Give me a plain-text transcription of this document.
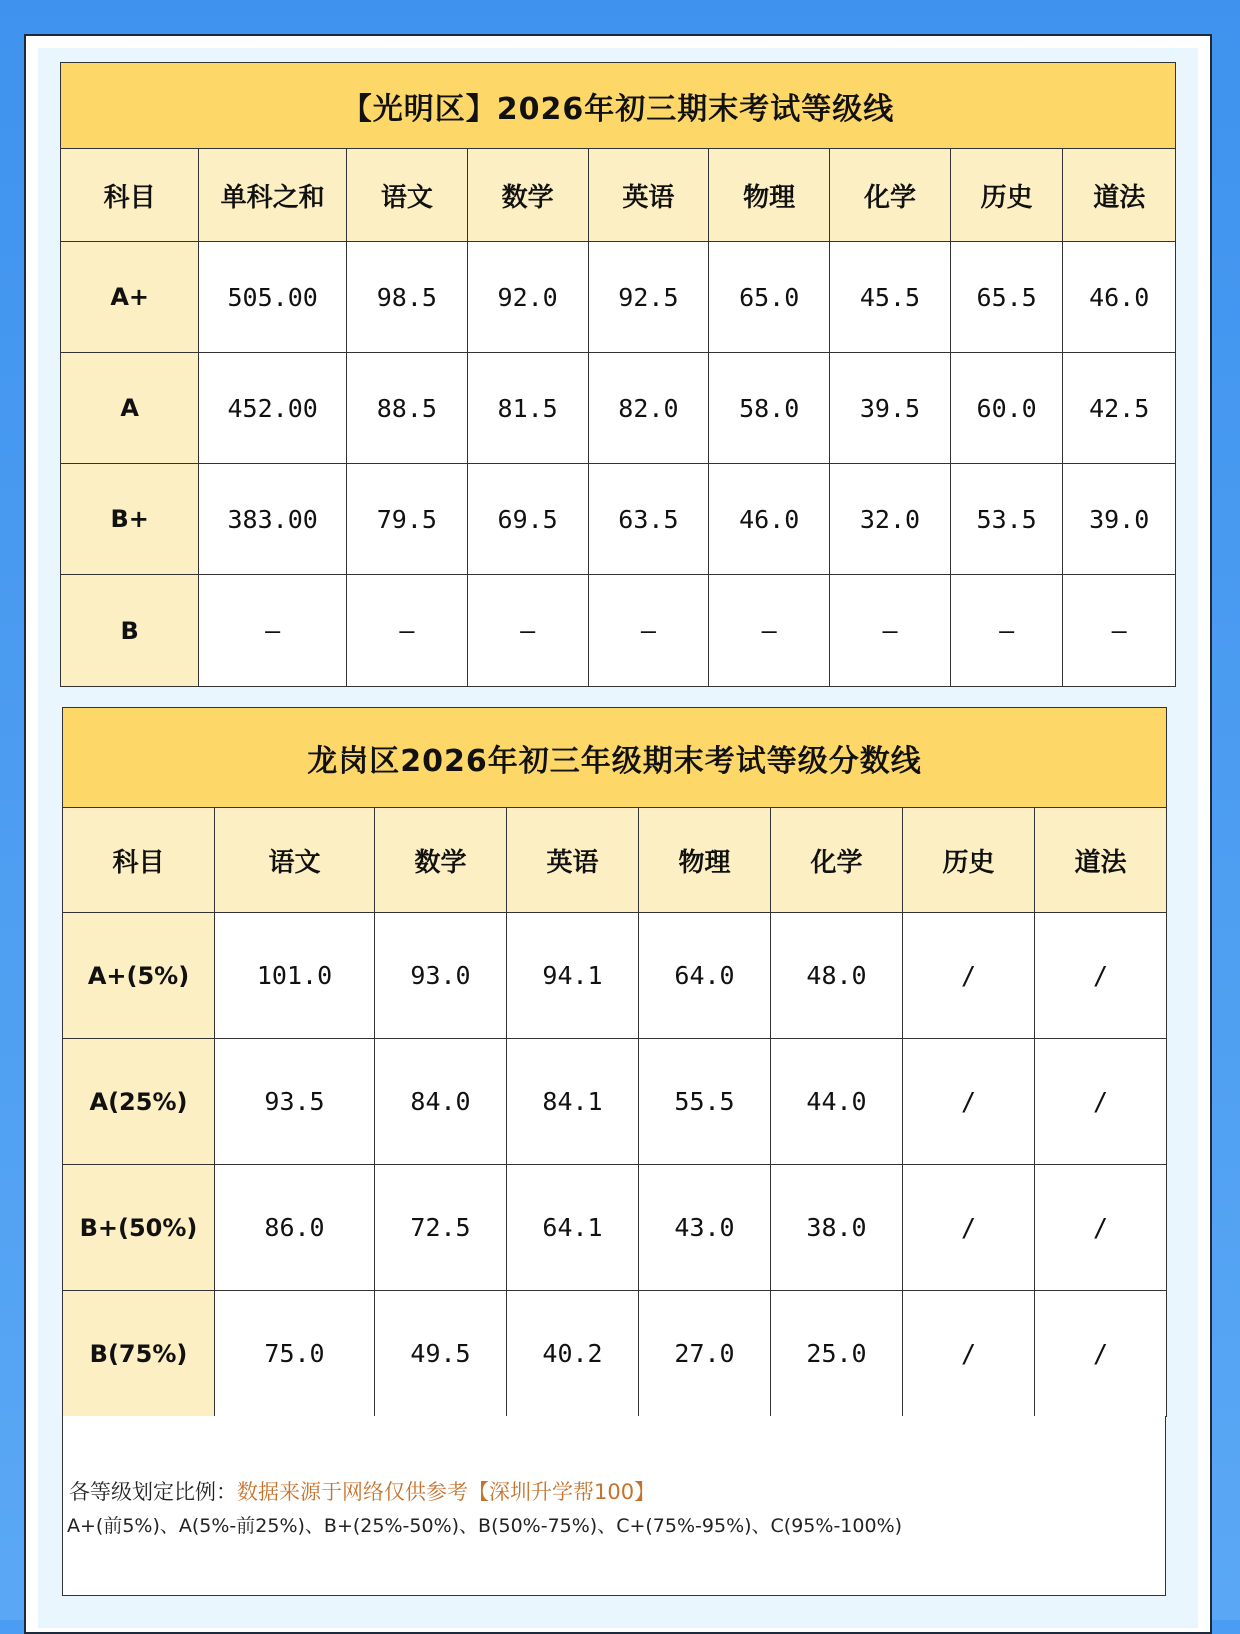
【光明区】2026年初三期末考试等级线								
科目	单科之和	语文	数学	英语	物理	化学	历史	道法
A+	505.00	98.5	92.0	92.5	65.0	45.5	65.5	46.0
A	452.00	88.5	81.5	82.0	58.0	39.5	60.0	42.5
B+	383.00	79.5	69.5	63.5	46.0	32.0	53.5	39.0
B	—	—	—	—	—	—	—	—
龙岗区2026年初三年级期末考试等级分数线							
科目	语文	数学	英语	物理	化学	历史	道法
A+(5%)	101.0	93.0	94.1	64.0	48.0	/	/
A(25%)	93.5	84.0	84.1	55.5	44.0	/	/
B+(50%)	86.0	72.5	64.1	43.0	38.0	/	/
B(75%)	75.0	49.5	40.2	27.0	25.0	/	/
各等级划定比例：数据来源于网络仅供参考【深圳升学帮100】
A+(前5%)、A(5%-前25%)、B+(25%-50%)、B(50%-75%)、C+(75%-95%)、C(95%-100%)
